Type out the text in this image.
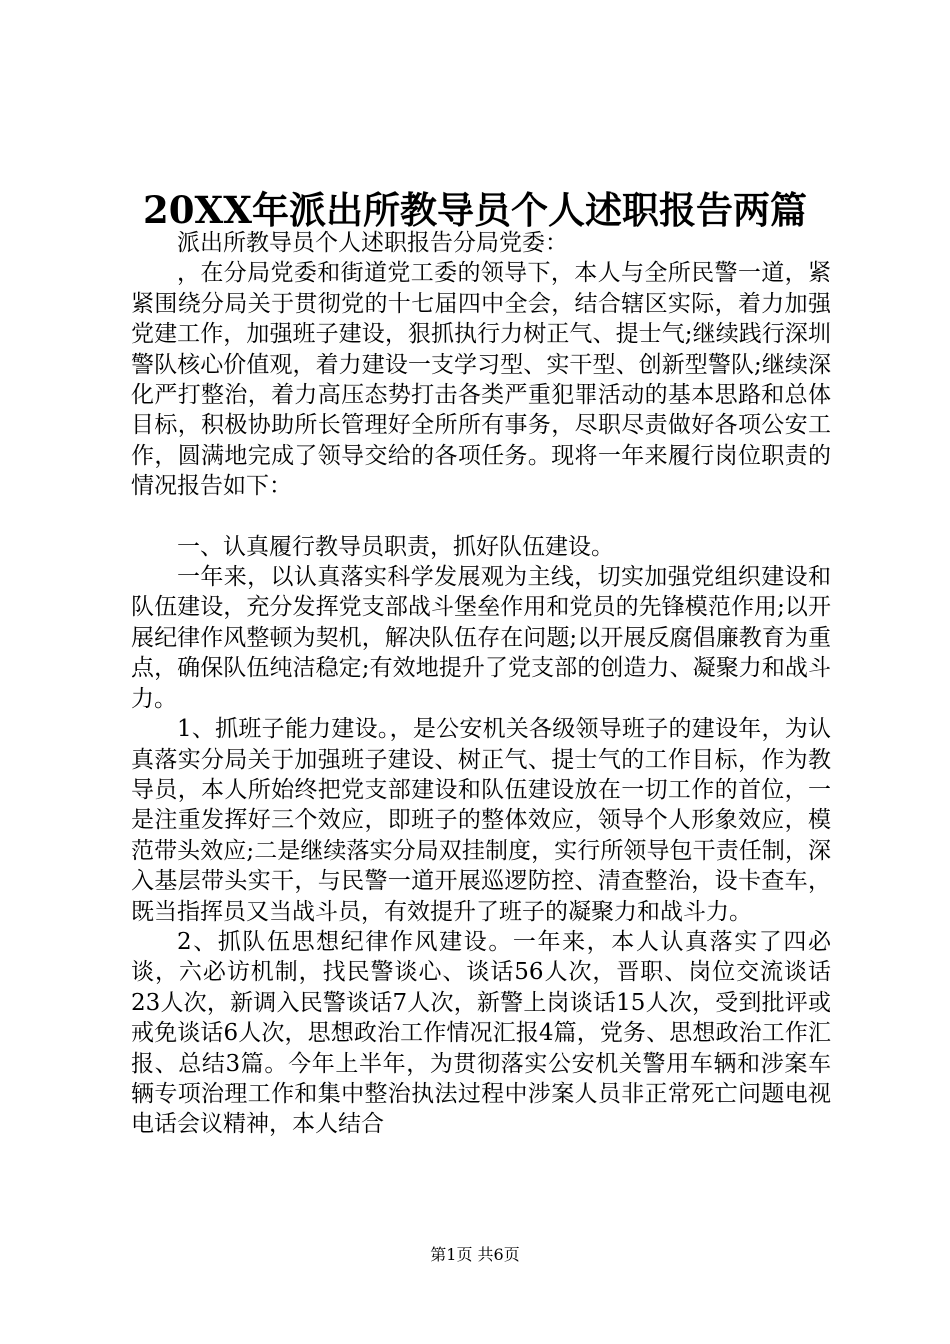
20XX年派出所教导员个人述职报告两篇

派出所教导员个人述职报告分局党委：

，在分局党委和街道党工委的领导下，本人与全所民警一道，紧紧围绕分局关于贯彻党的十七届四中全会，结合辖区实际，着力加强党建工作，加强班子建设，狠抓执行力树正气、提士气;继续践行深圳警队核心价值观，着力建设一支学习型、实干型、创新型警队;继续深化严打整治，着力高压态势打击各类严重犯罪活动的基本思路和总体目标，积极协助所长管理好全所所有事务，尽职尽责做好各项公安工作，圆满地完成了领导交给的各项任务。现将一年来履行岗位职责的情况报告如下：

一、认真履行教导员职责，抓好队伍建设。

一年来，以认真落实科学发展观为主线，切实加强党组织建设和队伍建设，充分发挥党支部战斗堡垒作用和党员的先锋模范作用;以开展纪律作风整顿为契机，解决队伍存在问题;以开展反腐倡廉教育为重点，确保队伍纯洁稳定;有效地提升了党支部的创造力、凝聚力和战斗力。

1、抓班子能力建设。，是公安机关各级领导班子的建设年，为认真落实分局关于加强班子建设、树正气、提士气的工作目标，作为教导员，本人所始终把党支部建设和队伍建设放在一切工作的首位，一是注重发挥好三个效应，即班子的整体效应，领导个人形象效应，模范带头效应;二是继续落实分局双挂制度，实行所领导包干责任制，深入基层带头实干，与民警一道开展巡逻防控、清查整治，设卡查车，既当指挥员又当战斗员，有效提升了班子的凝聚力和战斗力。

2、抓队伍思想纪律作风建设。一年来，本人认真落实了四必谈，六必访机制，找民警谈心、谈话56人次，晋职、岗位交流谈话23人次，新调入民警谈话7人次，新警上岗谈话15人次，受到批评或戒免谈话6人次，思想政治工作情况汇报4篇，党务、思想政治工作汇报、总结3篇。今年上半年，为贯彻落实公安机关警用车辆和涉案车辆专项治理工作和集中整治执法过程中涉案人员非正常死亡问题电视电话会议精神，本人结合

第1页 共6页
